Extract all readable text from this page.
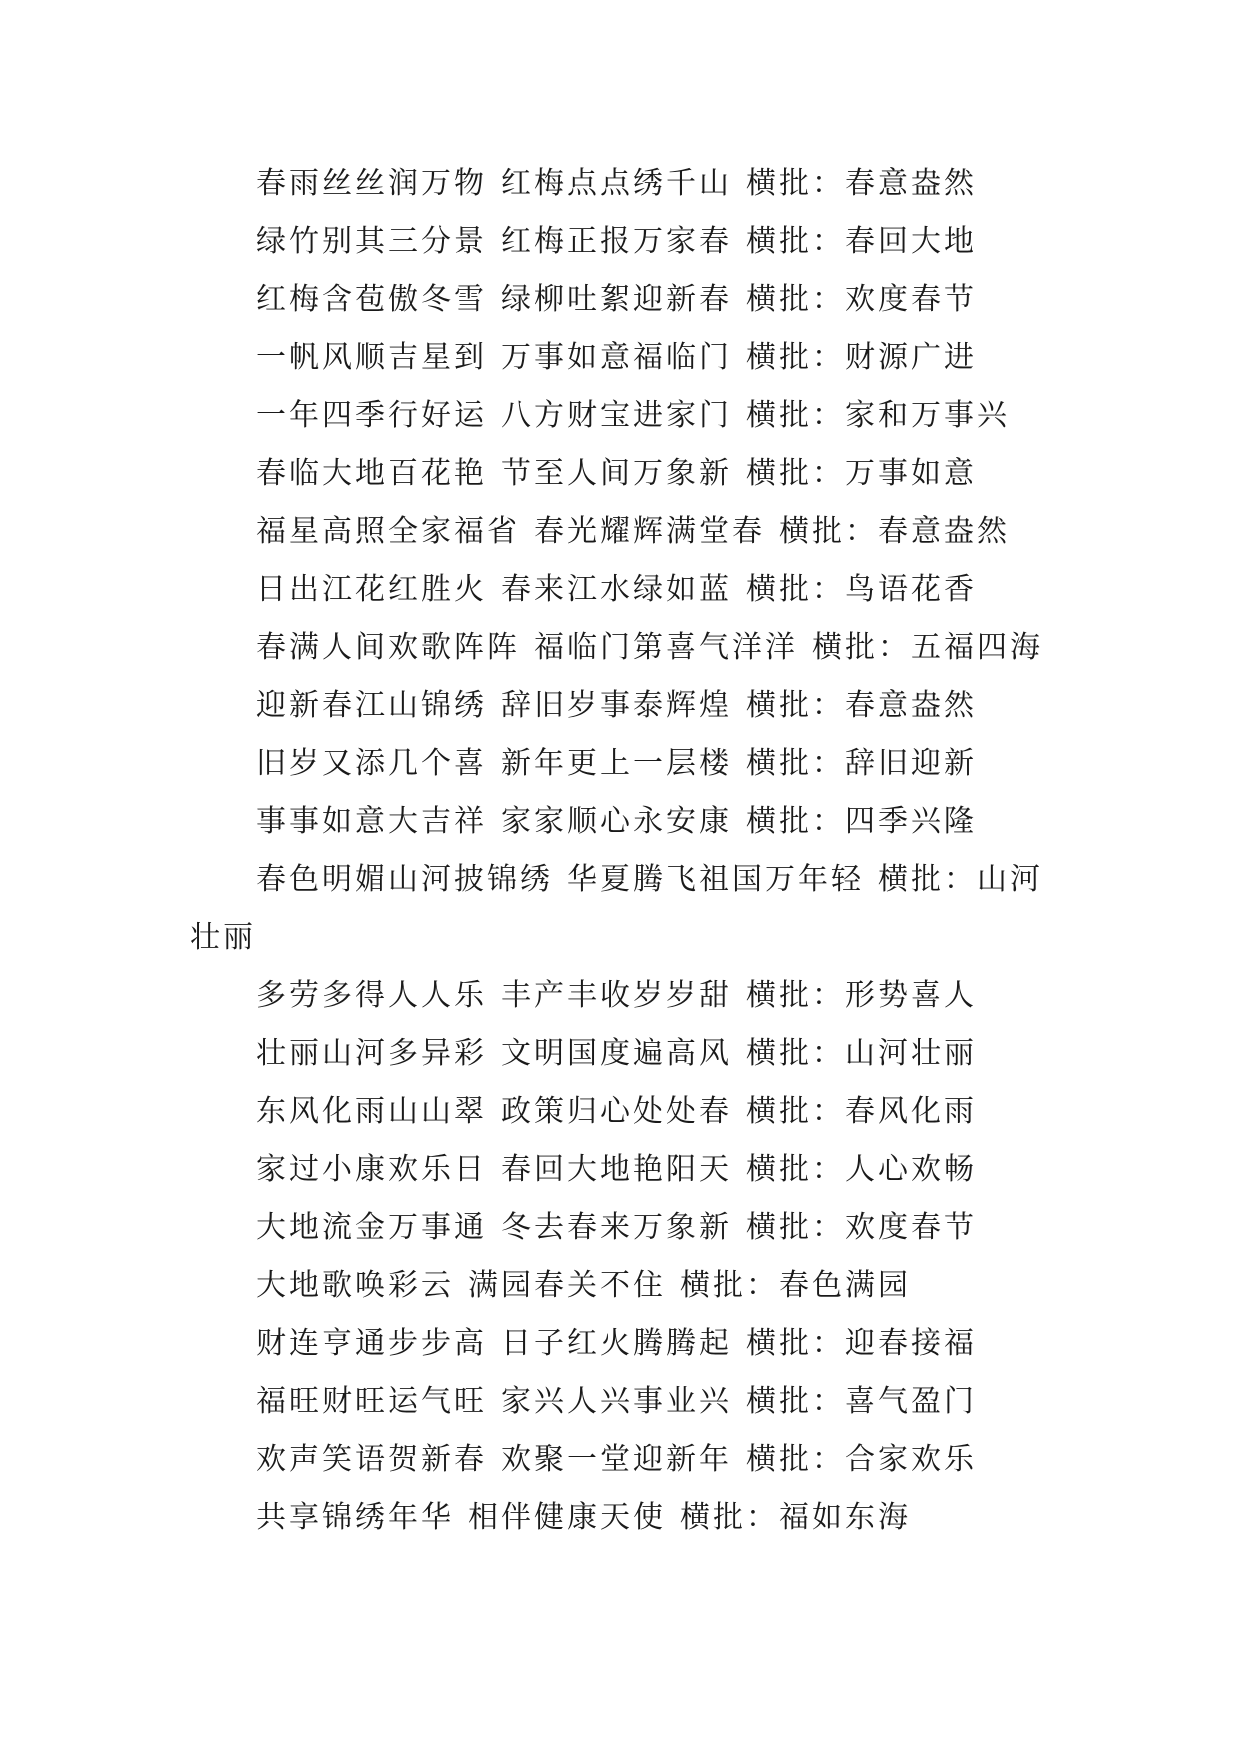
春雨丝丝润万物 红梅点点绣千山 横批：春意盎然
绿竹别其三分景 红梅正报万家春 横批：春回大地
红梅含苞傲冬雪 绿柳吐絮迎新春 横批：欢度春节
一帆风顺吉星到 万事如意福临门 横批：财源广进
一年四季行好运 八方财宝进家门 横批：家和万事兴
春临大地百花艳 节至人间万象新 横批：万事如意
福星高照全家福省 春光耀辉满堂春 横批：春意盎然
日出江花红胜火 春来江水绿如蓝 横批：鸟语花香
春满人间欢歌阵阵 福临门第喜气洋洋 横批：五福四海
迎新春江山锦绣 辞旧岁事泰辉煌 横批：春意盎然
旧岁又添几个喜 新年更上一层楼 横批：辞旧迎新
事事如意大吉祥 家家顺心永安康 横批：四季兴隆
春色明媚山河披锦绣 华夏腾飞祖国万年轻 横批：山河
壮丽
多劳多得人人乐 丰产丰收岁岁甜 横批：形势喜人
壮丽山河多异彩 文明国度遍高风 横批：山河壮丽
东风化雨山山翠 政策归心处处春 横批：春风化雨
家过小康欢乐日 春回大地艳阳天 横批：人心欢畅
大地流金万事通 冬去春来万象新 横批：欢度春节
大地歌唤彩云 满园春关不住 横批：春色满园
财连亨通步步高 日子红火腾腾起 横批：迎春接福
福旺财旺运气旺 家兴人兴事业兴 横批：喜气盈门
欢声笑语贺新春 欢聚一堂迎新年 横批：合家欢乐
共享锦绣年华 相伴健康天使 横批：福如东海
